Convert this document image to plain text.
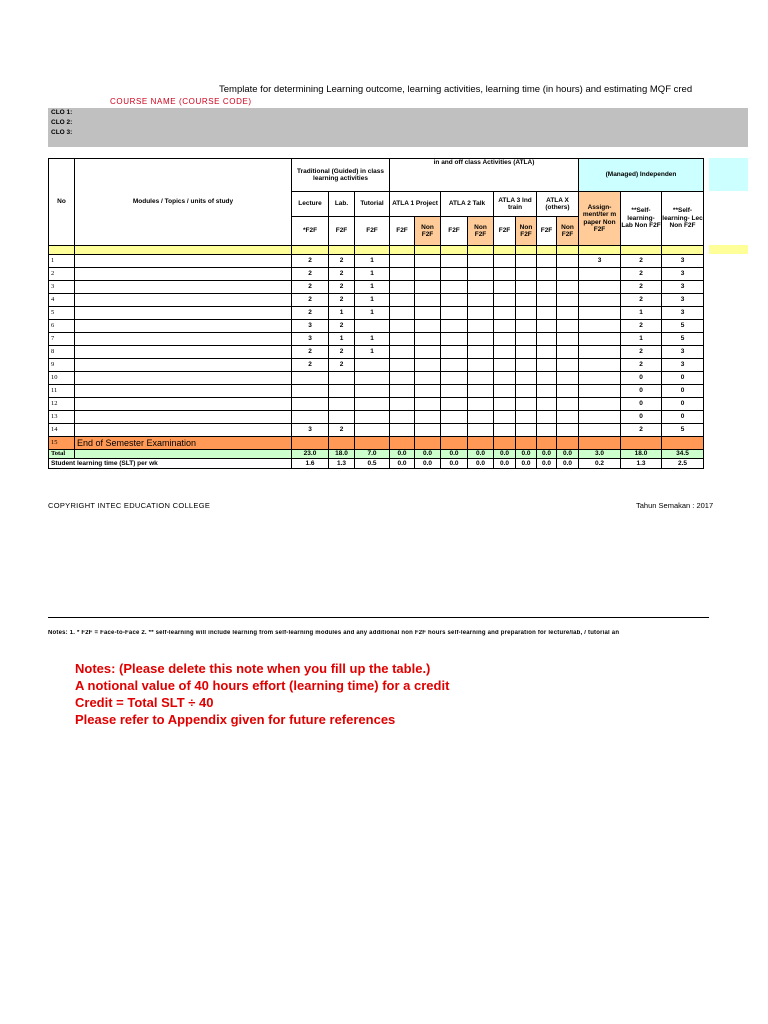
Template for determining Learning outcome, learning activities, learning time (in hours) and estimating MQF cred
COURSE NAME (COURSE CODE)
CLO 1:
CLO 2:
CLO 3:
No	Modules / Topics / units of study	Traditional (Guided) in class learning activities			in and off class Activities (ATLA)								(Managed) Independen		
		Lecture	Lab.	Tutorial	ATLA 1 Project		ATLA 2 Talk		ATLA 3 Ind train		ATLA X (others)		Assign- ment/ter m paper Non F2F	**Self- learning- Lab Non F2F	**Self- learning- Lec Non F2F
		*F2F	F2F	F2F	F2F	Non F2F	F2F	Non F2F	F2F	Non F2F	F2F	Non F2F			

1		2	2	1									3	2	3
2		2	2	1										2	3
3		2	2	1										2	3
4		2	2	1										2	3
5		2	1	1										1	3
6		3	2											2	5
7		3	1	1										1	5
8		2	2	1										2	3
9		2	2											2	3
10														0	0
11														0	0
12														0	0
13														0	0
14		3	2											2	5
15	End of Semester Examination														
Total		23.0	18.0	7.0	0.0	0.0	0.0	0.0	0.0	0.0	0.0	0.0	3.0	18.0	34.5
Student learning time (SLT) per wk		1.6	1.3	0.5	0.0	0.0	0.0	0.0	0.0	0.0	0.0	0.0	0.2	1.3	2.5
COPYRIGHT INTEC EDUCATION COLLEGE	Tahun Semakan : 2017
Notes: 1. * F2F = Face-to-Face 2. ** self-learning will include learning from self-learning modules and any additional non F2F hours self-learning and preparation for lecture/lab, / tutorial an
Notes: (Please delete this note when you fill up the table.)
A notional value of 40 hours effort (learning time) for a credit
Credit = Total SLT ÷ 40
Please refer to Appendix given for future references
